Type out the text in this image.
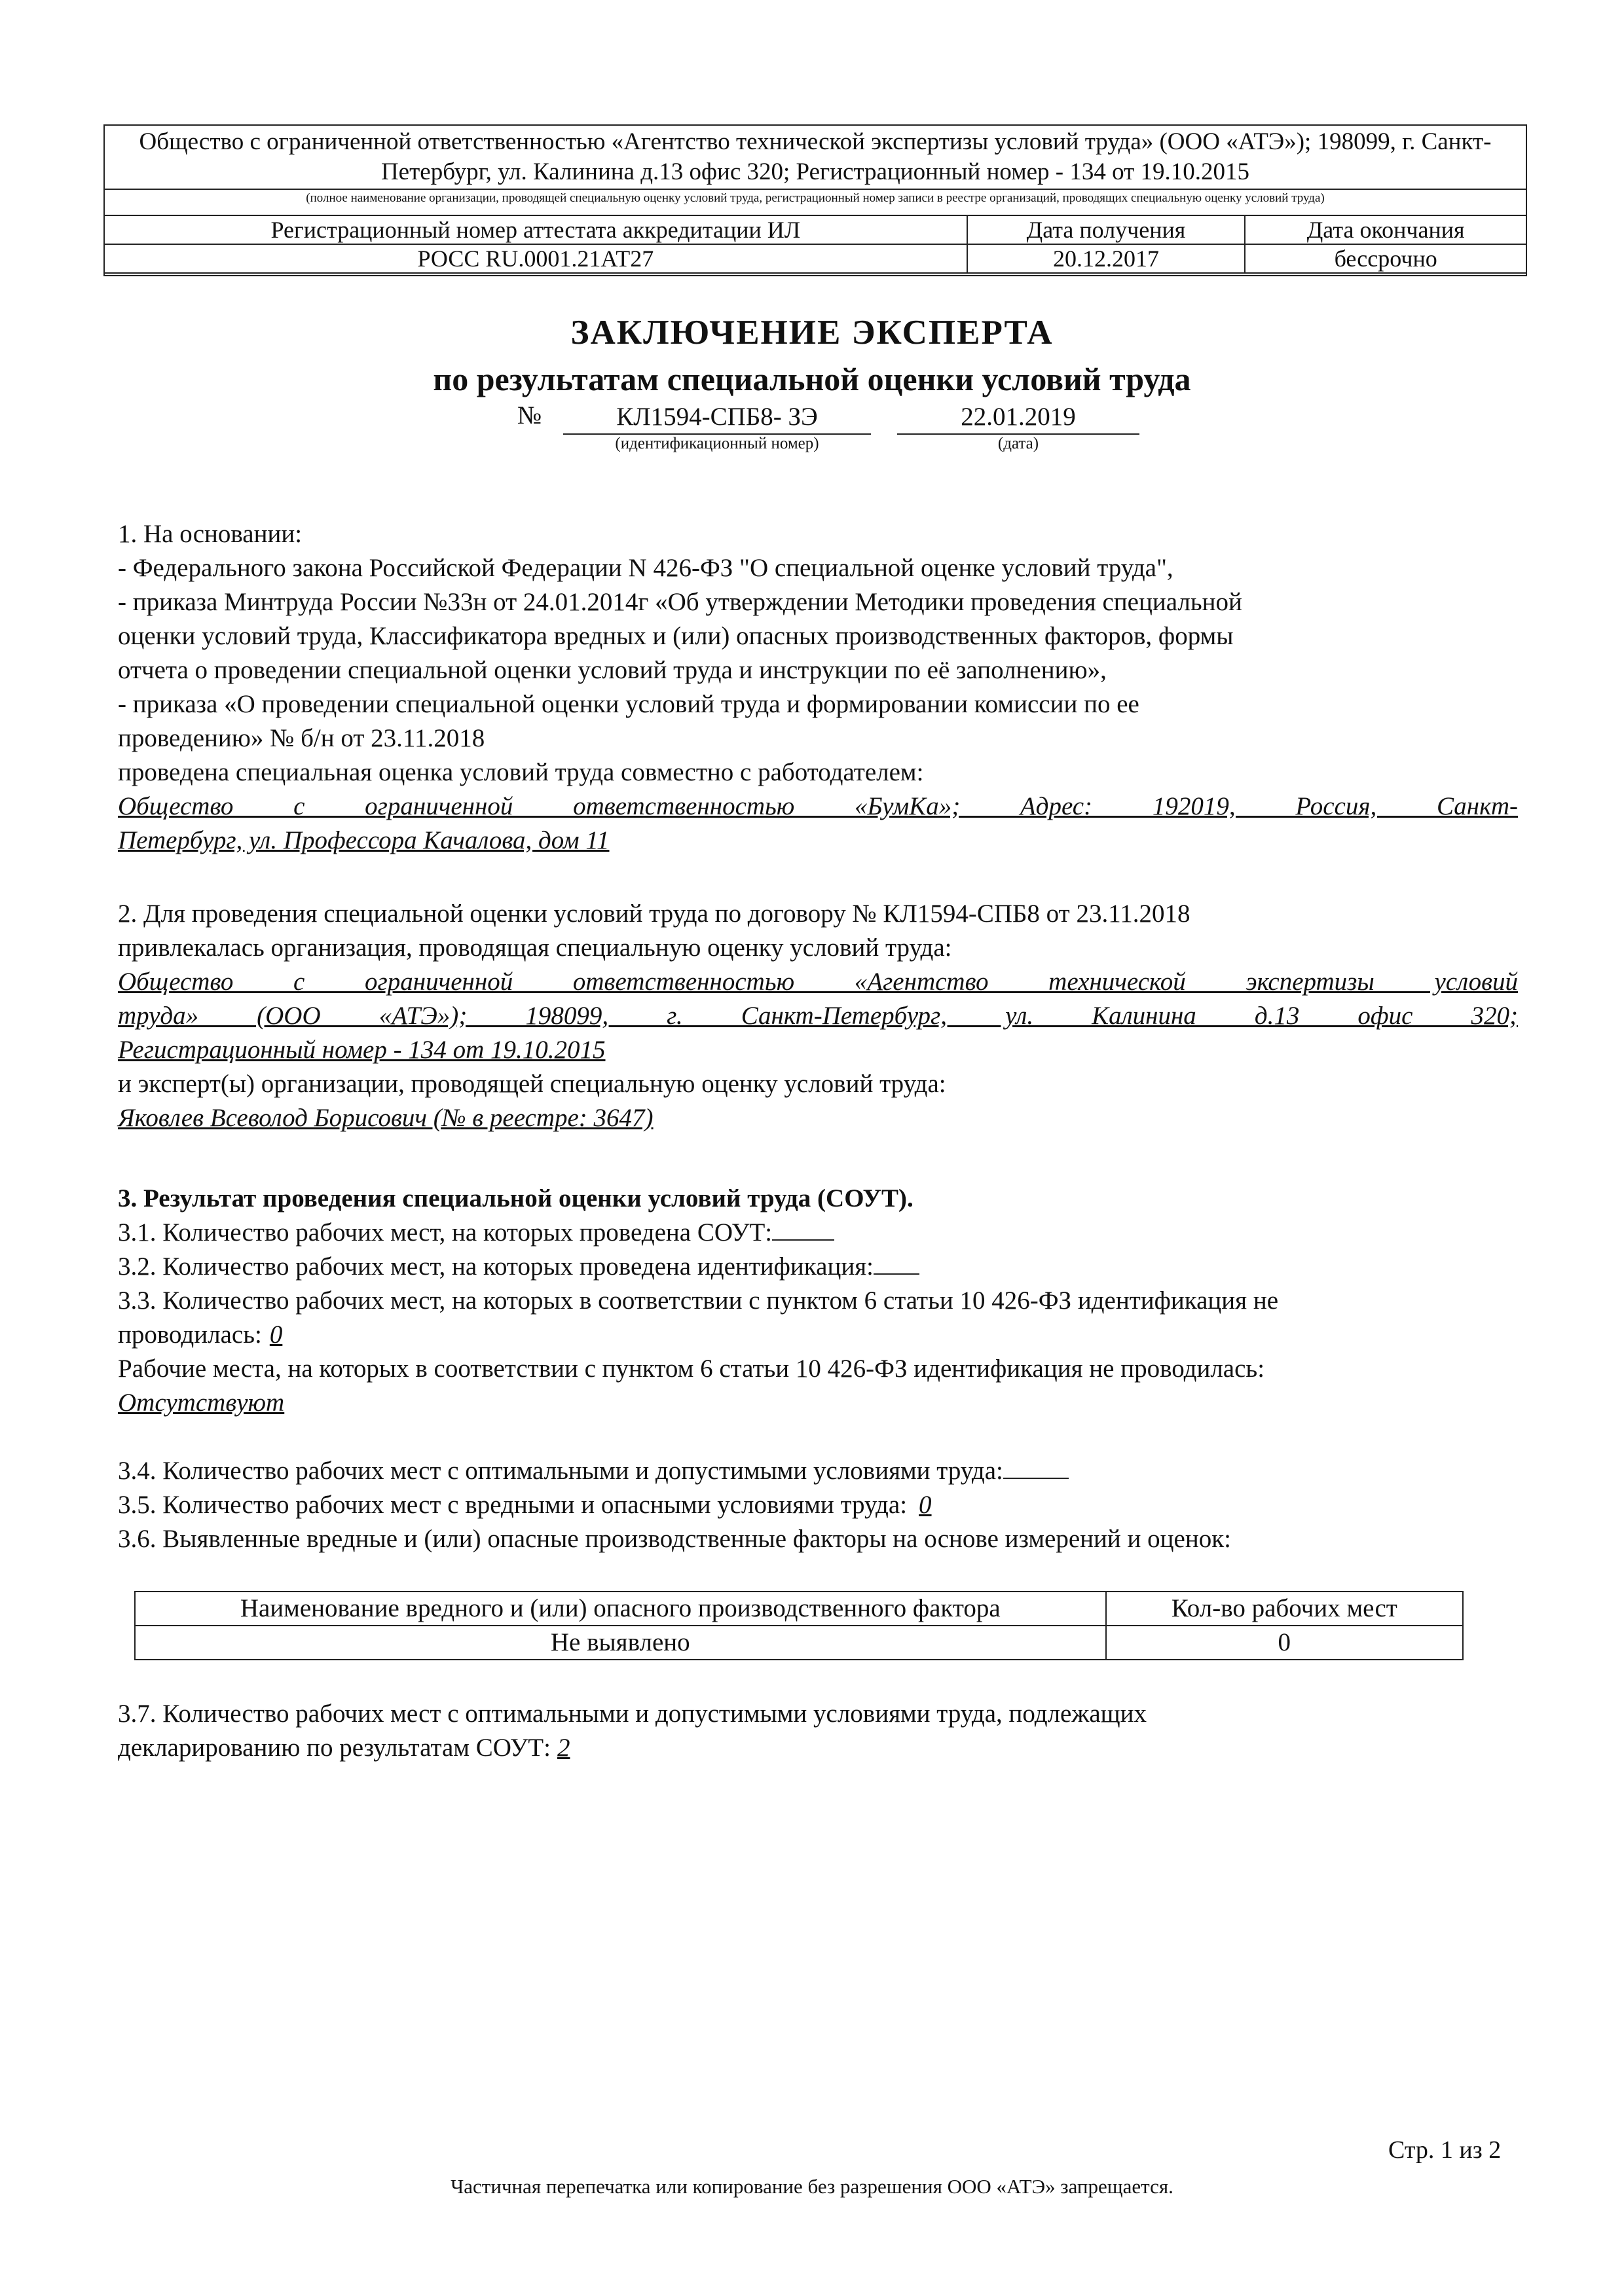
Общество с ограниченной ответственностью «Агентство технической экспертизы условий труда» (ООО «АТЭ»); 198099, г. Санкт-
Петербург, ул. Калинина д.13 офис 320; Регистрационный номер - 134 от 19.10.2015
(полное наименование организации, проводящей специальную оценку условий труда, регистрационный номер записи в реестре организаций, проводящих специальную оценку условий труда)
Регистрационный номер аттестата аккредитации ИЛ	Дата получения	Дата окончания
РОСС RU.0001.21АТ27	20.12.2017	бессрочно
ЗАКЛЮЧЕНИЕ ЭКСПЕРТА
по результатам специальной оценки условий труда
№	КЛ1594-СПБ8- ЗЭ
(идентификационный номер)
22.01.2019
(дата)
1. На основании:
- Федерального закона Российской Федерации N 426-ФЗ "О специальной оценке условий труда",
- приказа Минтруда России №33н от 24.01.2014г «Об утверждении Методики проведения специальной
оценки условий труда, Классификатора вредных и (или) опасных производственных факторов, формы
отчета о проведении специальной оценки условий труда и инструкции по её заполнению»,
- приказа «О проведении специальной оценки условий труда и формировании комиссии по ее
проведению» № б/н от 23.11.2018
проведена специальная оценка условий труда совместно с работодателем:
Общество с ограниченной ответственностью «БумКа»; Адрес: 192019, Россия, Санкт-
Петербург, ул. Профессора Качалова, дом 11
2. Для проведения специальной оценки условий труда по договору № КЛ1594-СПБ8 от 23.11.2018
привлекалась организация, проводящая специальную оценку условий труда:
Общество с ограниченной ответственностью «Агентство технической экспертизы условий
труда» (ООО «АТЭ»); 198099, г. Санкт-Петербург, ул. Калинина д.13 офис 320;
Регистрационный номер - 134 от 19.10.2015
и эксперт(ы) организации, проводящей специальную оценку условий труда:
Яковлев Всеволод Борисович (№ в реестре: 3647)
3. Результат проведения специальной оценки условий труда (СОУТ).
3.1. Количество рабочих мест, на которых проведена СОУТ:
3.2. Количество рабочих мест, на которых проведена идентификация:
3.3. Количество рабочих мест, на которых в соответствии с пунктом 6 статьи 10 426-ФЗ идентификация не
проводилась: 0
Рабочие места, на которых в соответствии с пунктом 6 статьи 10 426-ФЗ идентификация не проводилась:
Отсутствуют
3.4. Количество рабочих мест с оптимальными и допустимыми условиями труда:
3.5. Количество рабочих мест с вредными и опасными условиями труда: 0
3.6. Выявленные вредные и (или) опасные производственные факторы на основе измерений и оценок:
Наименование вредного и (или) опасного производственного фактора	Кол-во рабочих мест
Не выявлено	0
3.7. Количество рабочих мест с оптимальными и допустимыми условиями труда, подлежащих
декларированию по результатам СОУТ: 2
Стр. 1 из 2
Частичная перепечатка или копирование без разрешения ООО «АТЭ» запрещается.
